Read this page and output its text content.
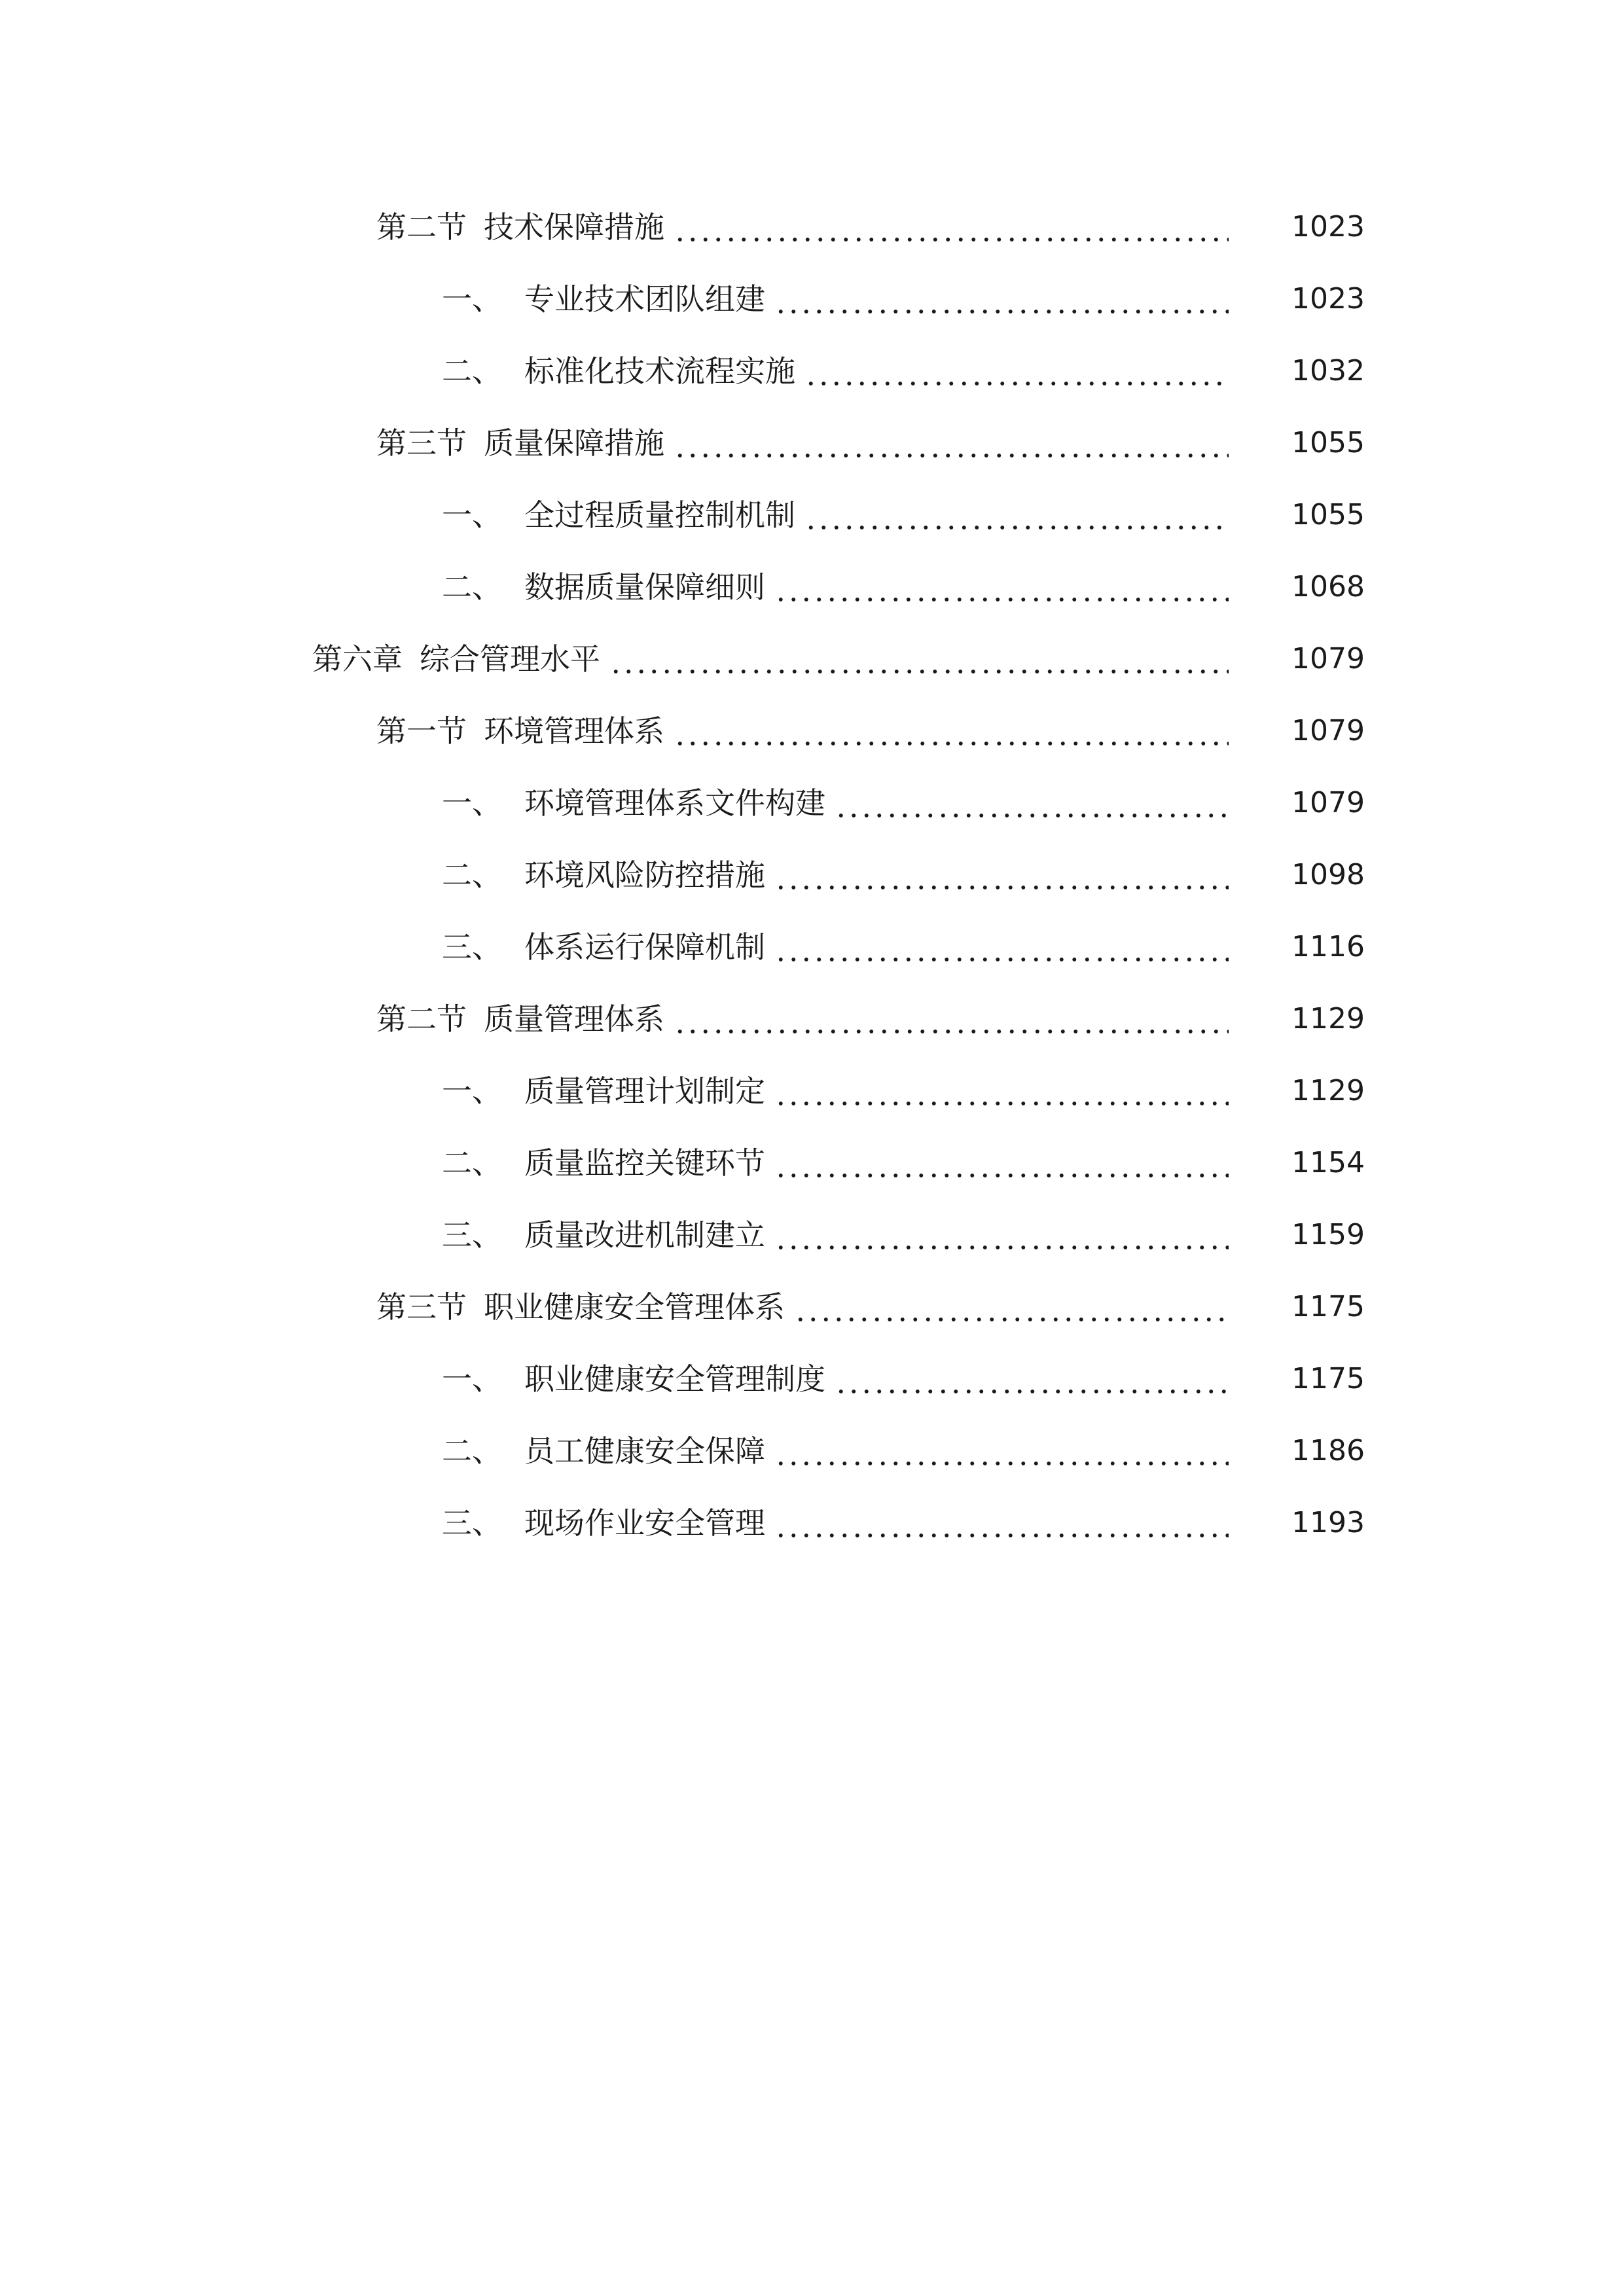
第二节 技术保障措施	1023
一、 专业技术团队组建	1023
二、 标准化技术流程实施	1032
第三节 质量保障措施	1055
一、 全过程质量控制机制	1055
二、 数据质量保障细则	1068
第六章 综合管理水平	1079
第一节 环境管理体系	1079
一、 环境管理体系文件构建	1079
二、 环境风险防控措施	1098
三、 体系运行保障机制	1116
第二节 质量管理体系	1129
一、 质量管理计划制定	1129
二、 质量监控关键环节	1154
三、 质量改进机制建立	1159
第三节 职业健康安全管理体系	1175
一、 职业健康安全管理制度	1175
二、 员工健康安全保障	1186
三、 现场作业安全管理	1193
